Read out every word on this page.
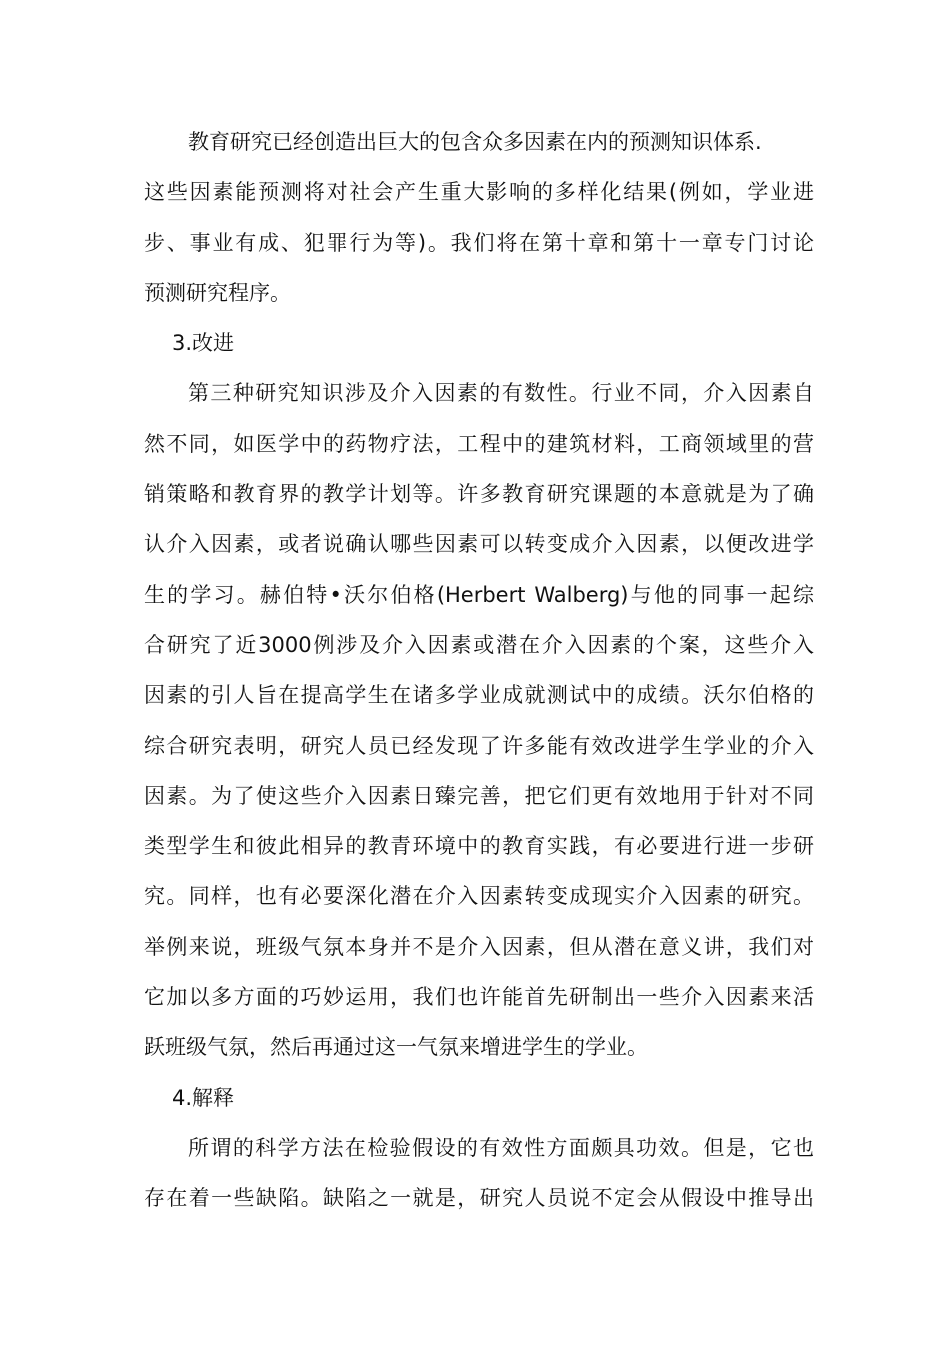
教育研究已经创造出巨大的包含众多因素在内的预测知识体系.
这些因素能预测将对社会产生重大影响的多样化结果(例如，学业进
步、事业有成、犯罪行为等)。我们将在第十章和第十一章专门讨论
预测研究程序。
3.改进
第三种研究知识涉及介入因素的有数性。行业不同，介入因素自
然不同，如医学中的药物疗法，工程中的建筑材料，工商领域里的营
销策略和教育界的教学计划等。许多教育研究课题的本意就是为了确
认介入因素，或者说确认哪些因素可以转变成介入因素，以便改进学
生的学习。赫伯特•沃尔伯格(Herbert Walberg)与他的同事一起综
合研究了近3000例涉及介入因素或潜在介入因素的个案，这些介入
因素的引人旨在提高学生在诸多学业成就测试中的成绩。沃尔伯格的
综合研究表明，研究人员已经发现了许多能有效改进学生学业的介入
因素。为了使这些介入因素日臻完善，把它们更有效地用于针对不同
类型学生和彼此相异的教青环境中的教育实践，有必要进行进一步研
究。同样，也有必要深化潜在介入因素转变成现实介入因素的研究。
举例来说，班级气氛本身并不是介入因素，但从潜在意义讲，我们对
它加以多方面的巧妙运用，我们也许能首先研制出一些介入因素来活
跃班级气氛，然后再通过这一气氛来增进学生的学业。
4.解释
所谓的科学方法在检验假设的有效性方面颇具功效。但是，它也
存在着一些缺陷。缺陷之一就是，研究人员说不定会从假设中推导出
